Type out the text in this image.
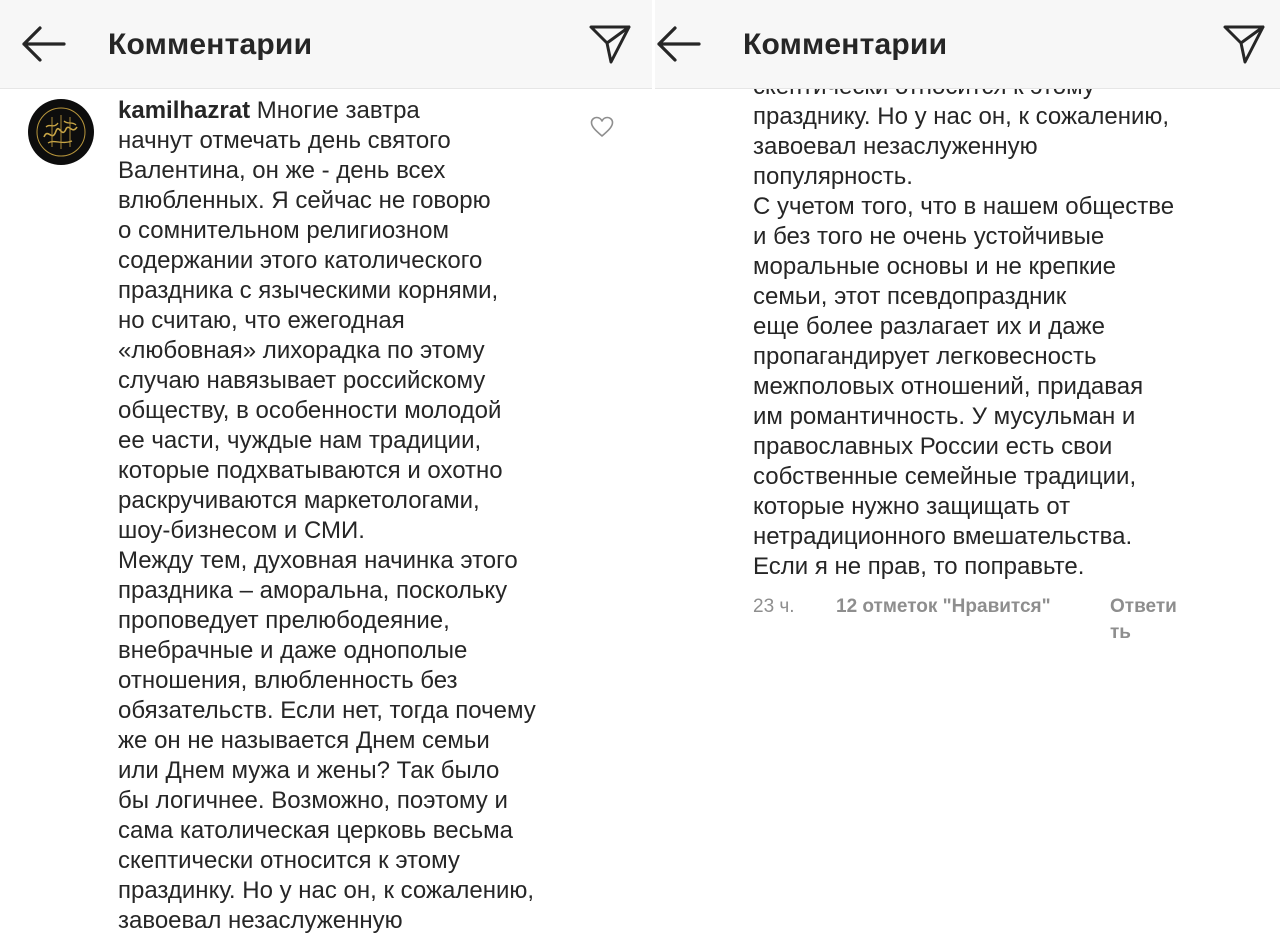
Комментарии
kamilhazrat Многие завтра
начнут отмечать день святого
Валентина, он же - день всех
влюбленных. Я сейчас не говорю
о сомнительном религиозном
содержании этого католического
праздника с языческими корнями,
но считаю, что ежегодная
«любовная» лихорадка по этому
случаю навязывает российскому
обществу, в особенности молодой
ее части, чуждые нам традиции,
которые подхватываются и охотно
раскручиваются маркетологами,
шоу-бизнесом и СМИ.
Между тем, духовная начинка этого
праздника – аморальна, поскольку
проповедует прелюбодеяние,
внебрачные и даже однополые
отношения, влюбленность без
обязательств. Если нет, тогда почему
же он не называется Днем семьи
или Днем мужа и жены? Так было
бы логичнее. Возможно, поэтому и
сама католическая церковь весьма
скептически относится к этому
праздинку. Но у нас он, к сожалению,
завоевал незаслуженную
Комментарии
празднику. Но у нас он, к сожалению,
завоевал незаслуженную
популярность.
С учетом того, что в нашем обществе
и без того не очень устойчивые
моральные основы и не крепкие
семьи, этот псевдопраздник
еще более разлагает их и даже
пропагандирует легковесность
межполовых отношений, придавая
им романтичность. У мусульман и
православных России есть свои
собственные семейные традиции,
которые нужно защищать от
нетрадиционного вмешательства.
Если я не прав, то поправьте.
23 ч. 12 отметок "Нравится"	Ответить
